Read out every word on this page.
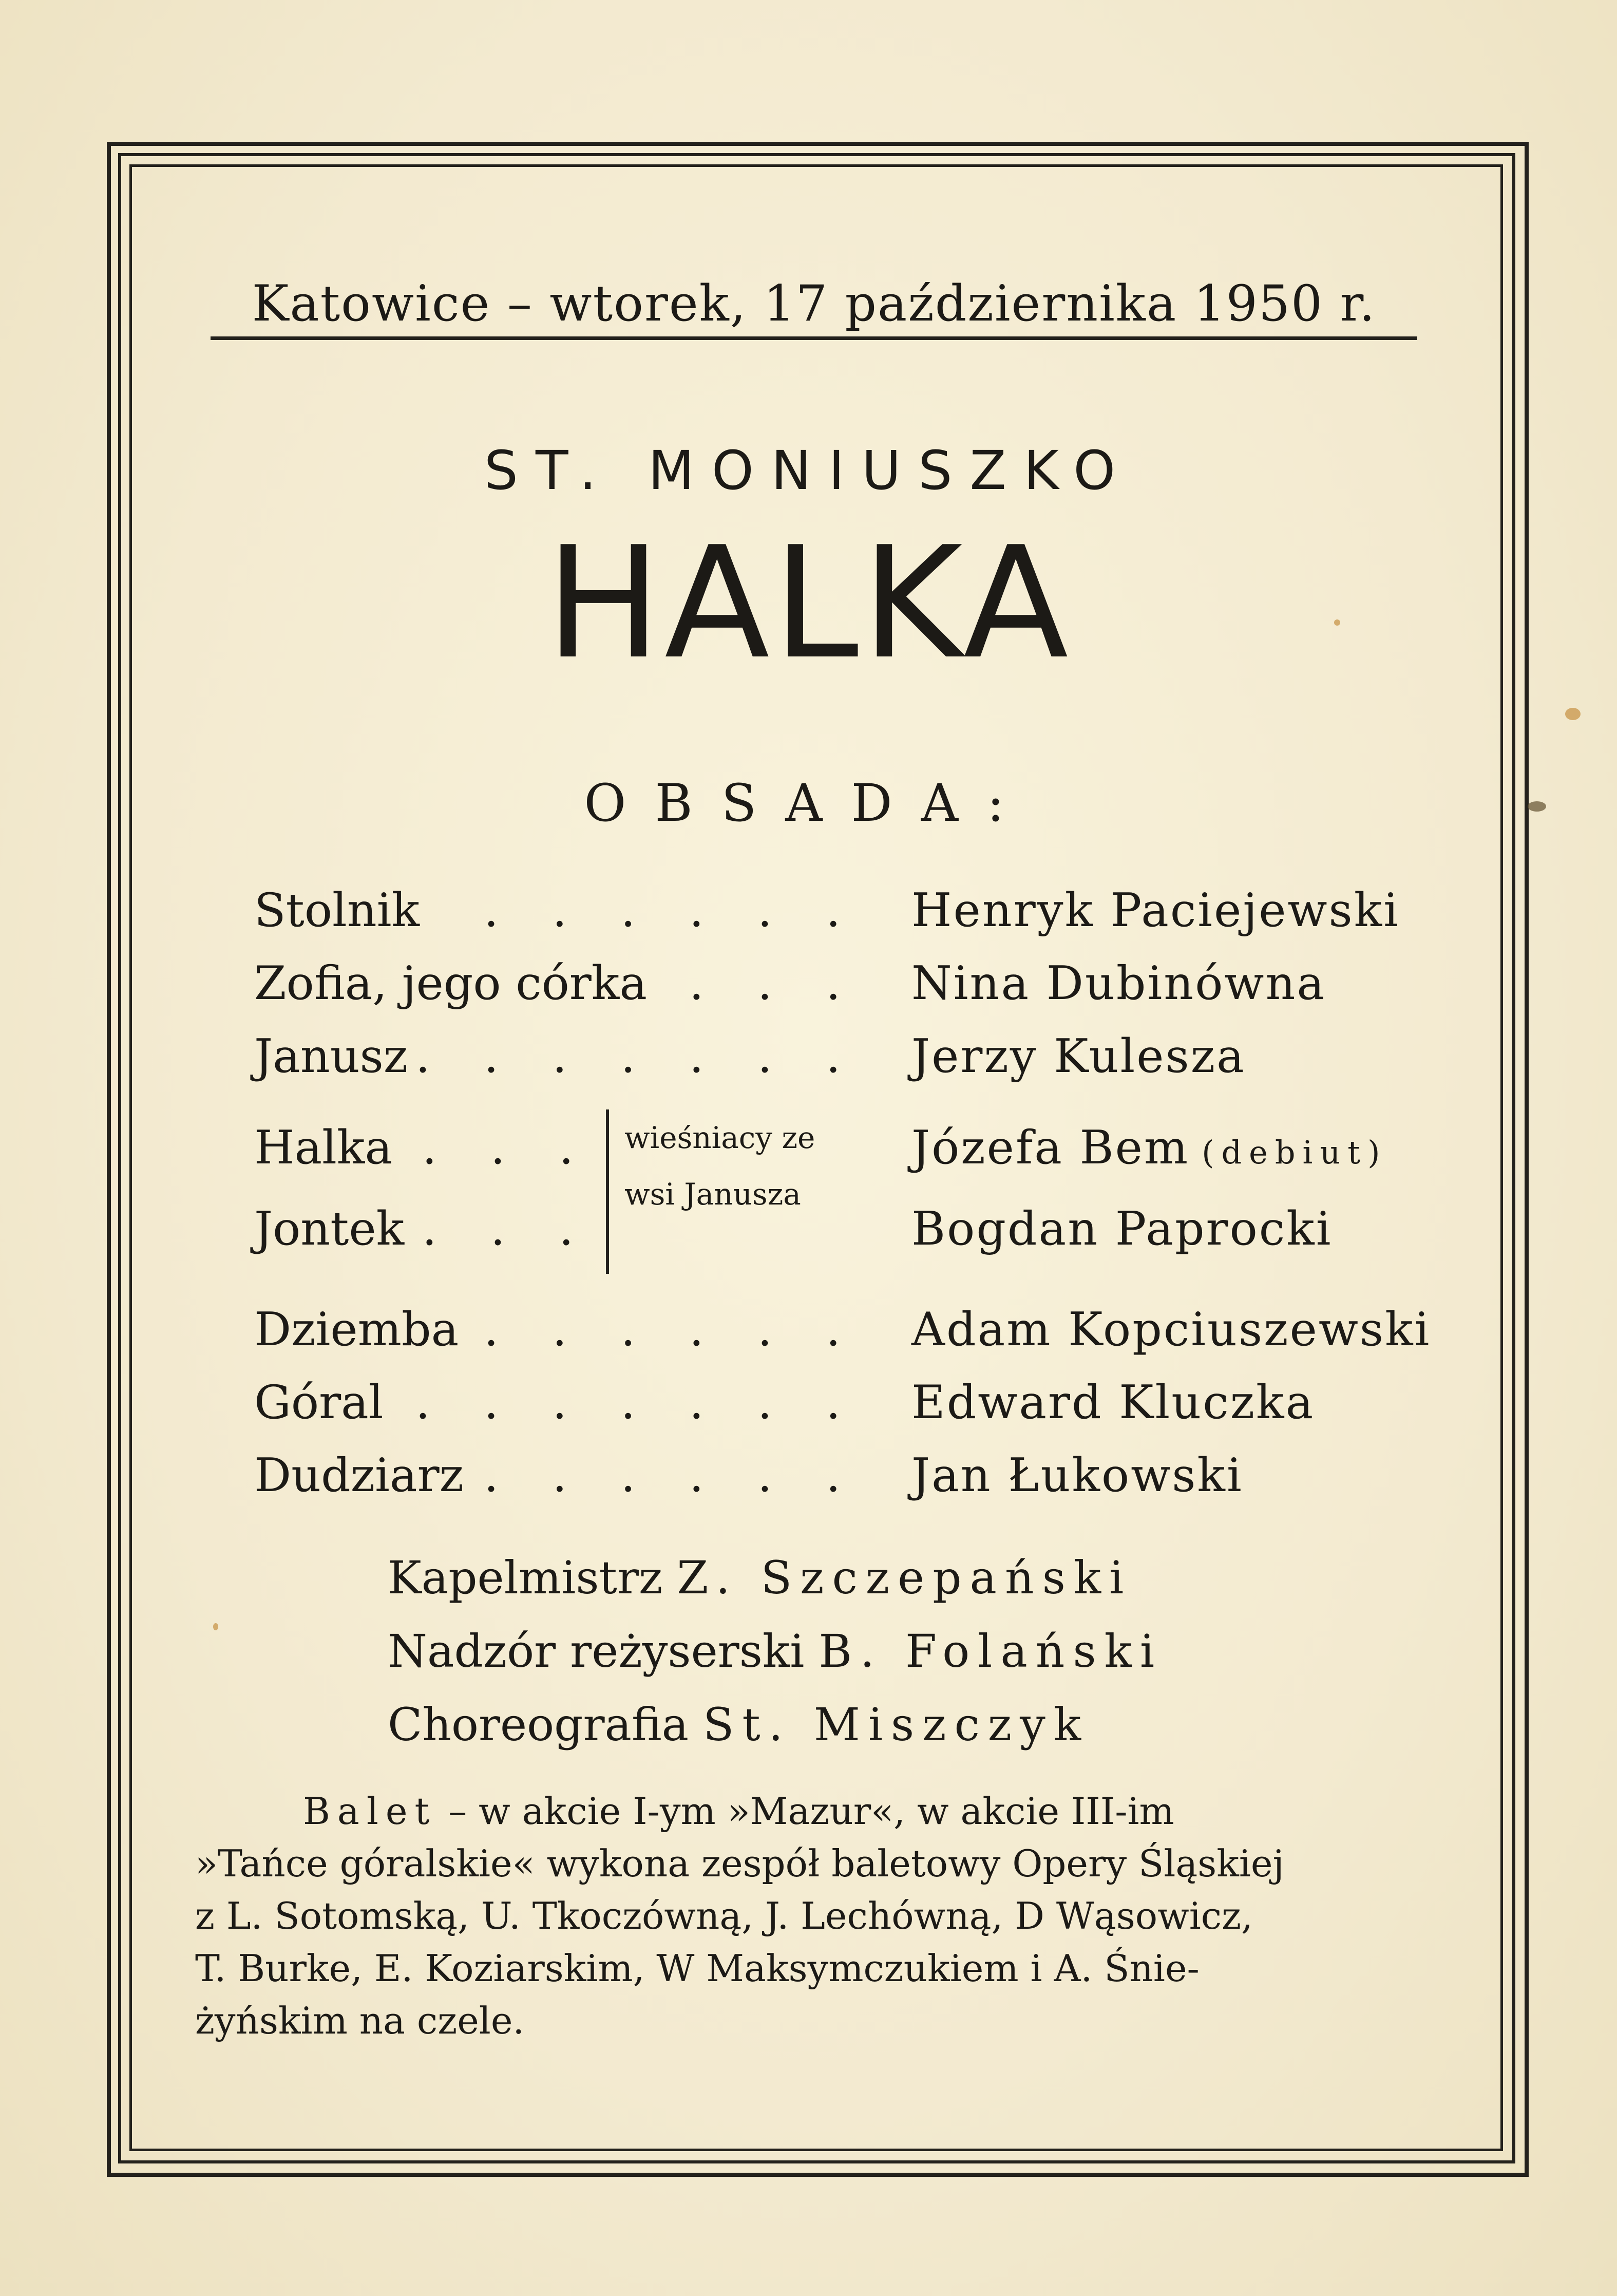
Katowice – wtorek, 17 października 1950 r.
ST. MONIUSZKO
HALKA
OBSADA:
. . . . . .
Stolnik	Henryk Paciejewski
. . .
Zofia, jego córka	Nina Dubinówna
. . . . . . .
Janusz	Jerzy Kulesza
. . .
Halka	Józefa Bem (debiut)
. . .
Jontek	Bogdan Paprocki
wieśniacy ze
wsi Janusza
. . . . . .
Dziemba	Adam Kopciuszewski
. . . . . . .
Góral	Edward Kluczka
. . . . . .
Dudziarz	Jan Łukowski
Kapelmistrz Z. Szczepański
Nadzór reżyserski B. Folański
Choreografia St. Miszczyk
Balet – w akcie I-ym »Mazur«, w akcie III-im
»Tańce góralskie« wykona zespół baletowy Opery Śląskiej
z L. Sotomską, U. Tkoczówną, J. Lechówną, D Wąsowicz,
T. Burke, E. Koziarskim, W Maksymczukiem i A. Śnie-
żyńskim na czele.
